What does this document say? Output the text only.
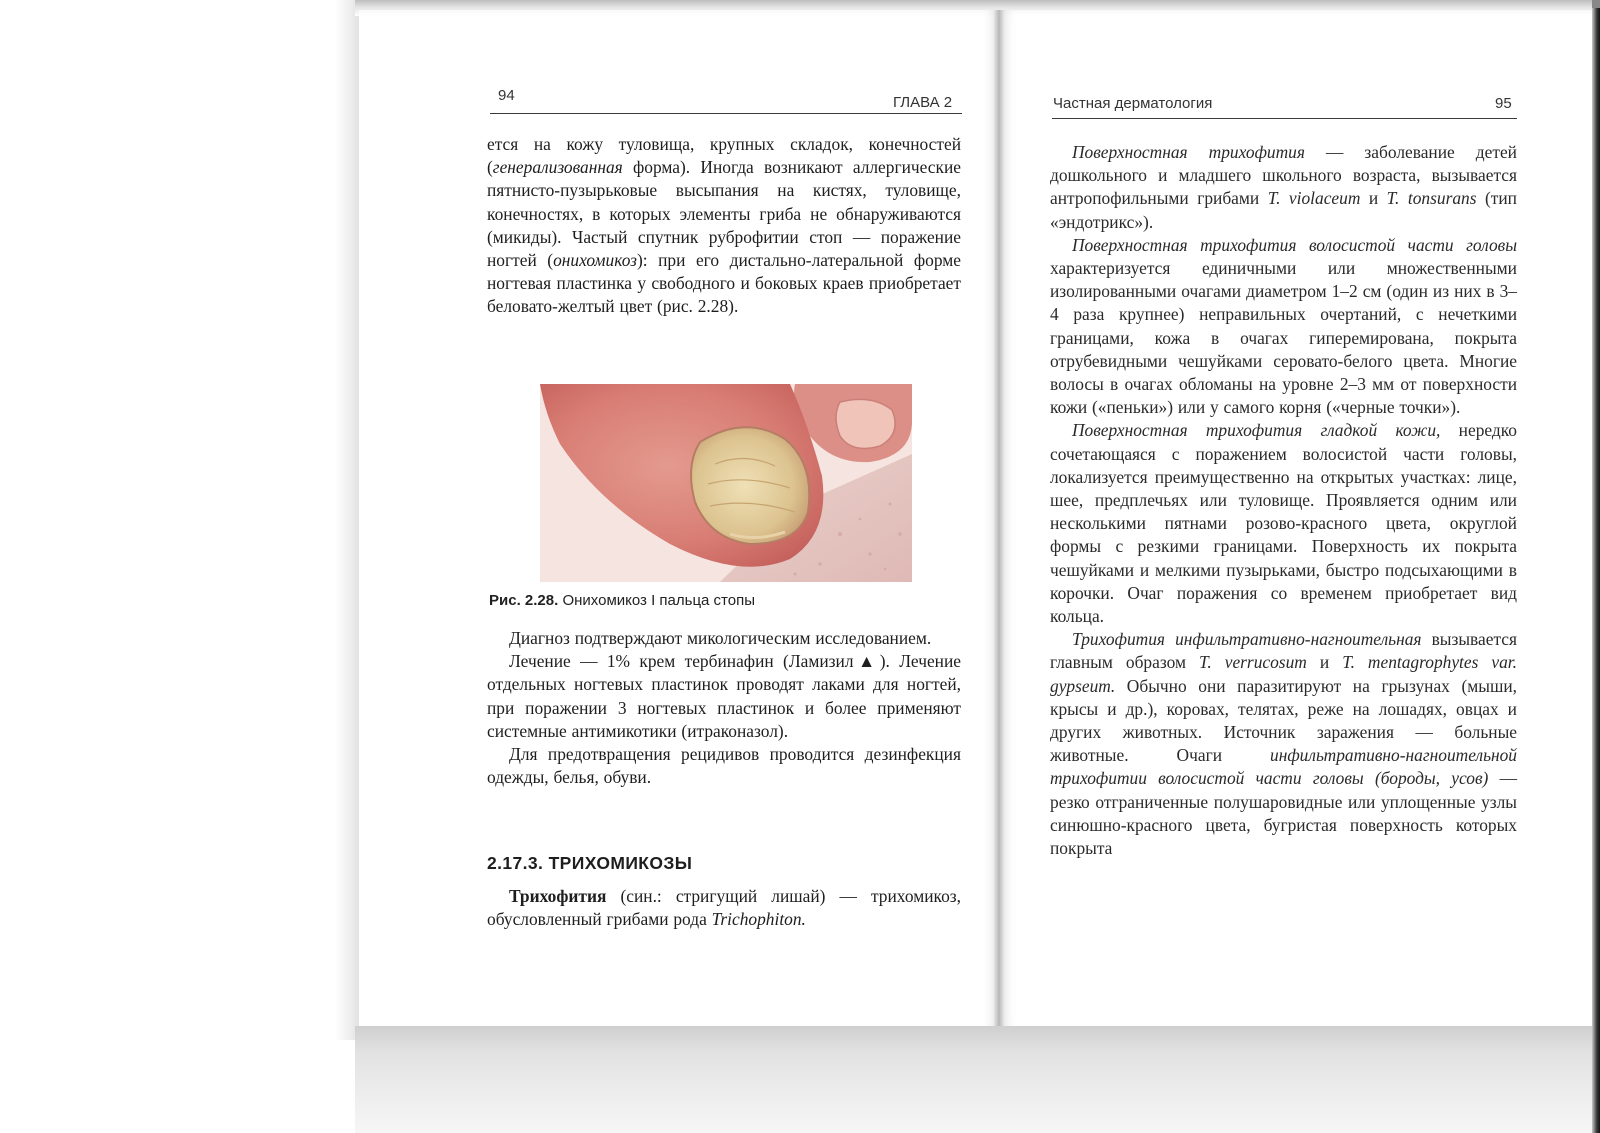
94	ГЛАВА 2

ется на кожу туловища, крупных складок, конечностей (генерализованная форма). Иногда возникают аллергические пятнисто-пузырьковые высыпания на кистях, туловище, конечностях, в которых элементы гриба не обнаруживаются (микиды). Частый спутник руброфитии стоп — поражение ногтей (онихомикоз): при его дистально-латеральной форме ногтевая пластинка у свободного и боковых краев приобретает беловато-желтый цвет (рис. 2.28).

Рис. 2.28. Онихомикоз I пальца стопы

Диагноз подтверждают микологическим исследованием.

Лечение — 1% крем тербинафин (Ламизил▲). Лечение отдельных ногтевых пластинок проводят лаками для ногтей, при поражении 3 ногтевых пластинок и более применяют системные антимикотики (итраконазол).

Для предотвращения рецидивов проводится дезинфекция одежды, белья, обуви.

2.17.3. ТРИХОМИКОЗЫ

Трихофития (син.: стригущий лишай) — трихомикоз, обусловленный грибами рода Trichophiton.

Частная дерматология	95

Поверхностная трихофития — заболевание детей дошкольного и младшего школьного возраста, вызывается антропофильными грибами T. violaceum и T. tonsurans (тип «эндотрикс»).

Поверхностная трихофития волосистой части головы характеризуется единичными или множественными изолированными очагами диаметром 1–2 см (один из них в 3–4 раза крупнее) неправильных очертаний, с нечеткими границами, кожа в очагах гиперемирована, покрыта отрубевидными чешуйками серовато-белого цвета. Многие волосы в очагах обломаны на уровне 2–3 мм от поверхности кожи («пеньки») или у самого корня («черные точки»).

Поверхностная трихофития гладкой кожи, нередко сочетающаяся с поражением волосистой части головы, локализуется преимущественно на открытых участках: лице, шее, предплечьях или туловище. Проявляется одним или несколькими пятнами розово-красного цвета, округлой формы с резкими границами. Поверхность их покрыта чешуйками и мелкими пузырьками, быстро подсыхающими в корочки. Очаг поражения со временем приобретает вид кольца.

Трихофития инфильтративно-нагноительная вызывается главным образом T. verrucosum и T. mentagrophytes var. gypseum. Обычно они паразитируют на грызунах (мыши, крысы и др.), коровах, телятах, реже на лошадях, овцах и других животных. Источник заражения — больные животные. Очаги инфильтративно-нагноительной трихофитии волосистой части головы (бороды, усов) — резко отграниченные полушаровидные или уплощенные узлы синюшно-красного цвета, бугристая поверхность которых покрыта
